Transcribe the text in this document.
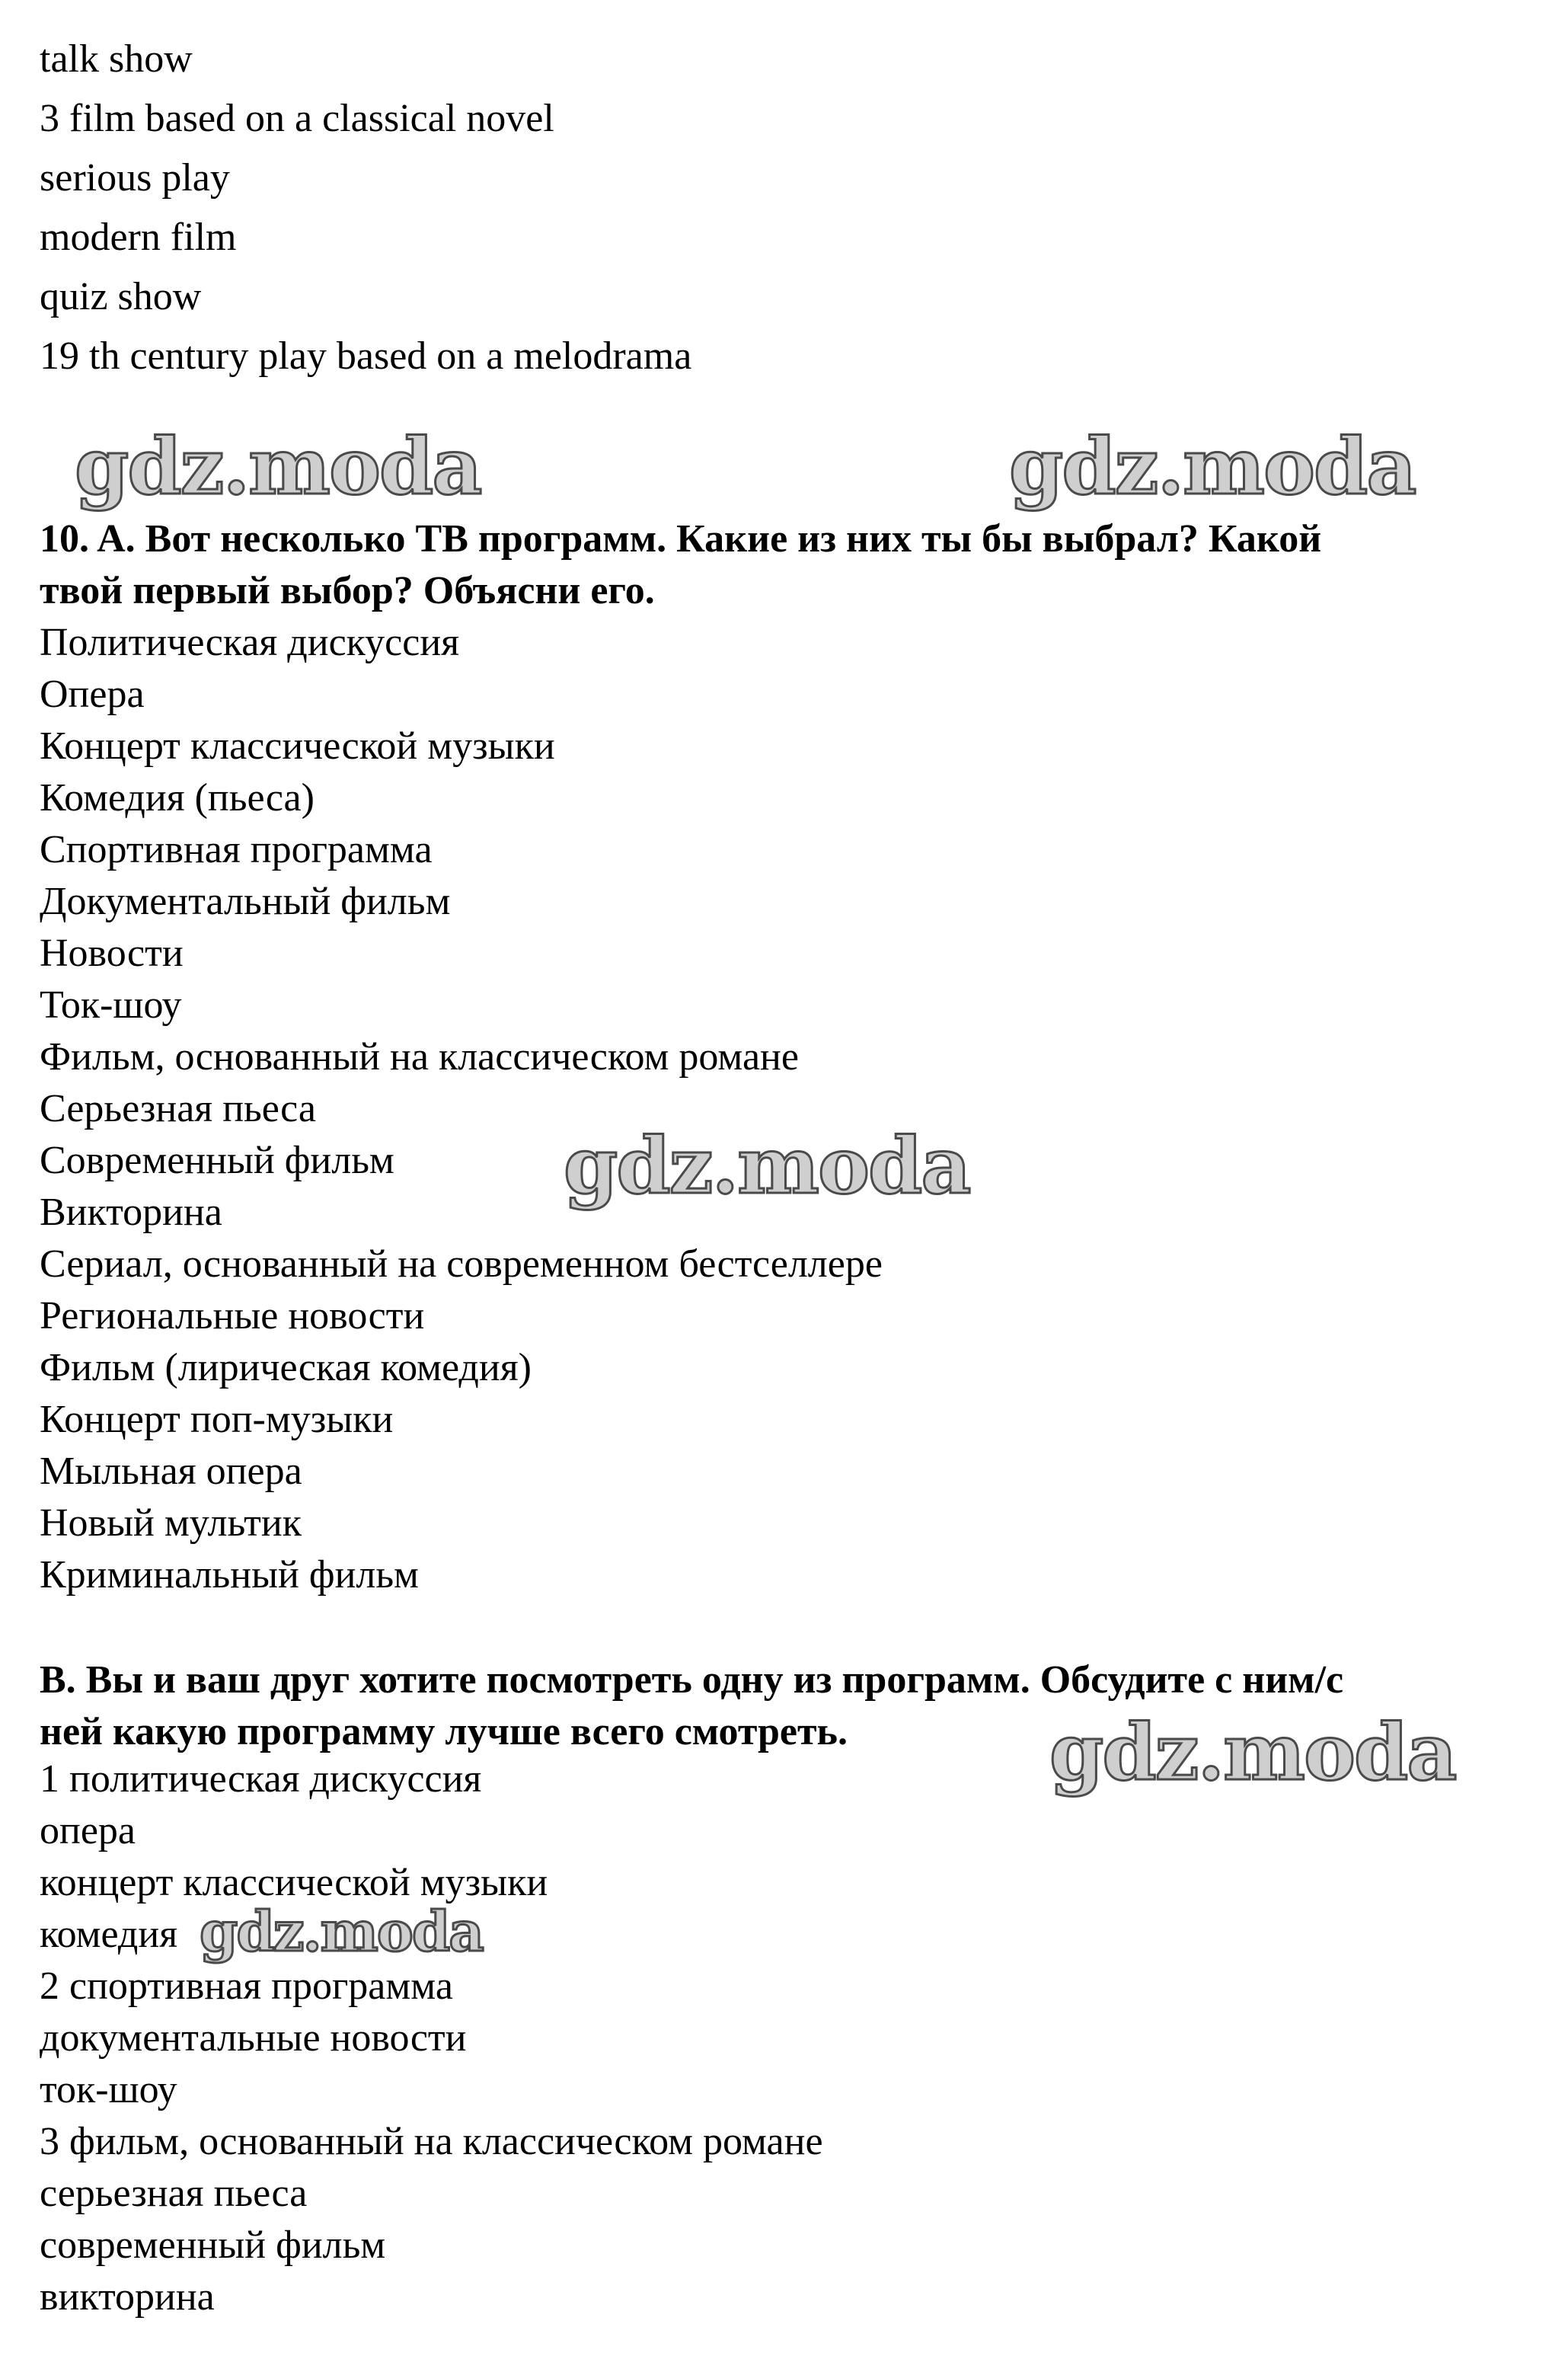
talk show
3 film based on a classical novel
serious play
modern film
quiz show
19 th century play based on a melodrama
gdz.moda	gdz.moda
10. A. Вот несколько ТВ программ. Какие из них ты бы выбрал? Какой
твой первый выбор? Объясни его.
Политическая дискуссия
Опера
Концерт классической музыки
Комедия (пьеса)
Спортивная программа
Документальный фильм
Новости
Ток-шоу
Фильм, основанный на классическом романе
Серьезная пьеса
Современный фильм
Викторина
Сериал, основанный на современном бестселлере
Региональные новости
Фильм (лирическая комедия)
Концерт поп-музыки
Мыльная опера
Новый мультик
Криминальный фильм
gdz.moda
B. Вы и ваш друг хотите посмотреть одну из программ. Обсудите с ним/с
ней какую программу лучше всего смотреть.	gdz.moda
1 политическая дискуссия
опера
концерт классической музыки
комедия
2 спортивная программа
документальные новости
ток-шоу
3 фильм, основанный на классическом романе
серьезная пьеса
современный фильм
викторина
gdz.moda
